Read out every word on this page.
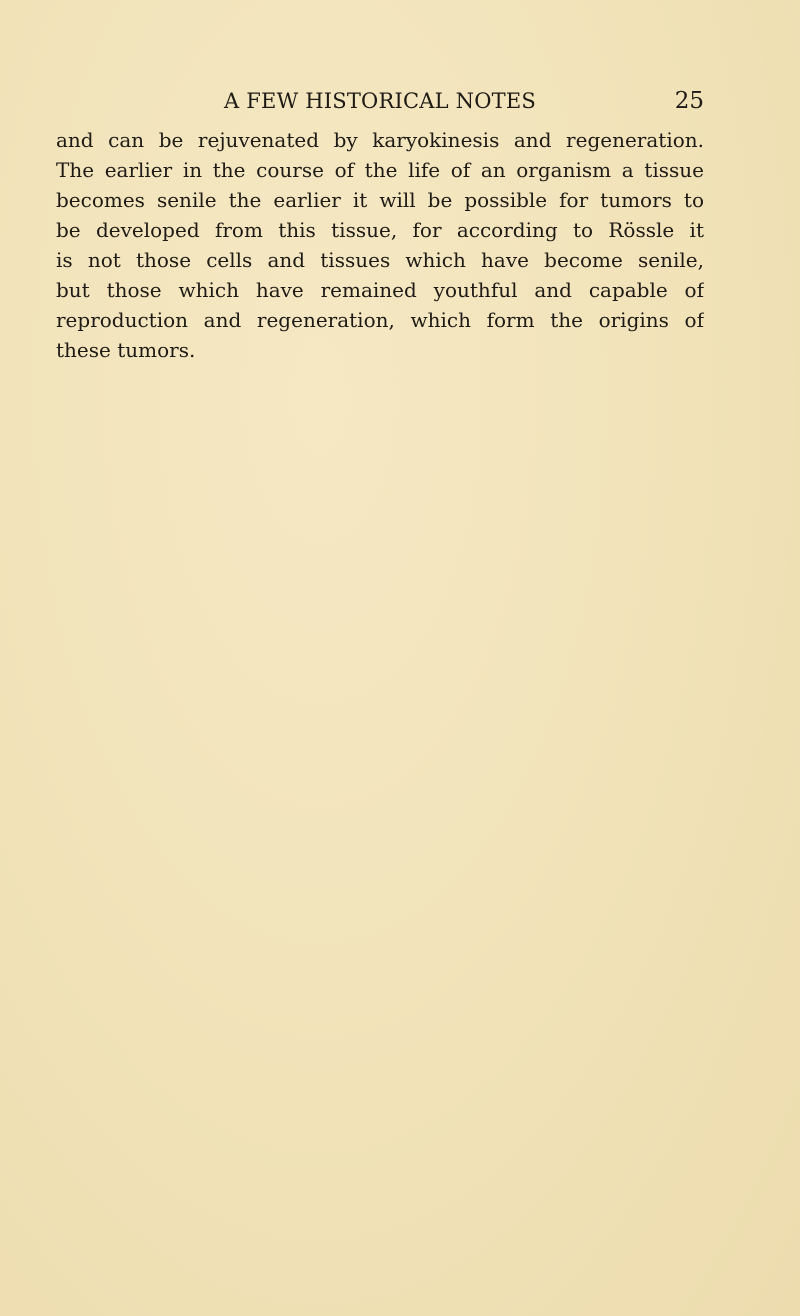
A FEW HISTORICAL NOTES	25
and can be rejuvenated by karyokinesis and regeneration.
The earlier in the course of the life of an organism a tissue
becomes senile the earlier it will be possible for tumors to
be developed from this tissue, for according to Rössle it
is not those cells and tissues which have become senile,
but those which have remained youthful and capable of
reproduction and regeneration, which form the origins of
these tumors.
